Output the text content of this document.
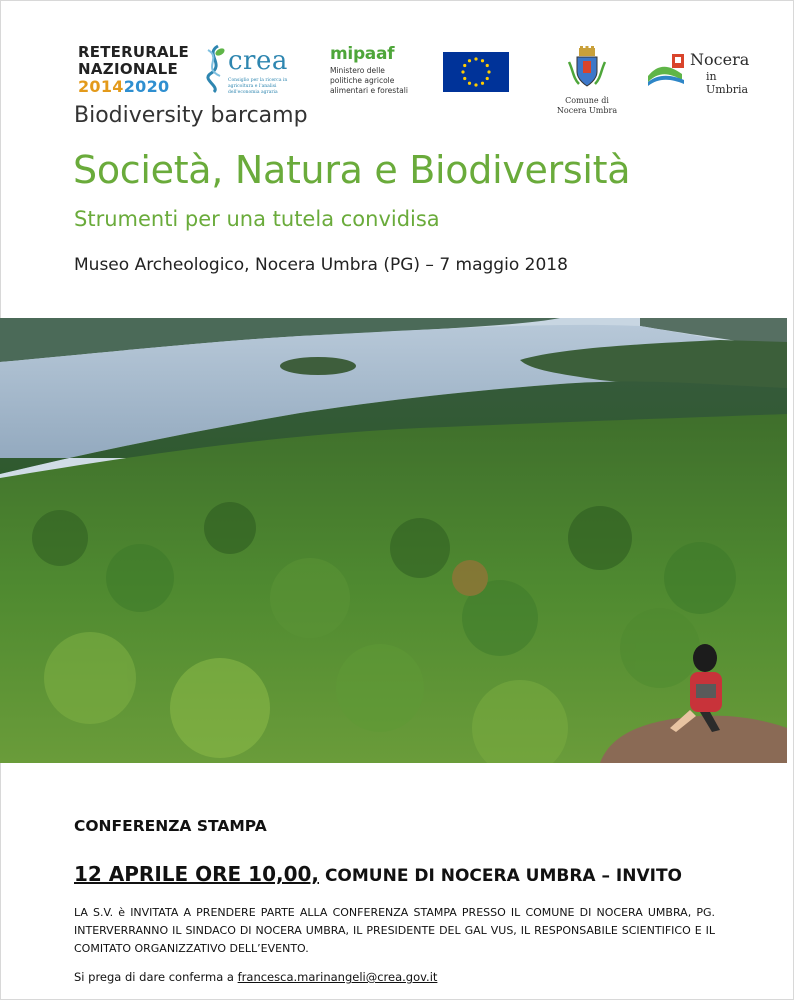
RETERURALE
NAZIONALE
20142020
crea
Consiglio per la ricerca in agricoltura e l'analisi dell'economia agraria
mipaaf
Ministero delle politiche agricole alimentari e forestali
Comune di
Nocera Umbra
Nocera
in Umbria
Biodiversity barcamp
Società, Natura e Biodiversità
Strumenti per una tutela convidisa
Museo Archeologico, Nocera Umbra (PG) – 7 maggio 2018
CONFERENZA STAMPA
12 APRILE ORE 10,00, COMUNE DI NOCERA UMBRA – INVITO
LA S.V. è INVITATA A PRENDERE PARTE ALLA CONFERENZA STAMPA PRESSO IL COMUNE DI NOCERA UMBRA, PG. INTERVERRANNO IL SINDACO DI NOCERA UMBRA, IL PRESIDENTE DEL GAL VUS, IL RESPONSABILE SCIENTIFICO E IL COMITATO ORGANIZZATIVO DELL’EVENTO.
Si prega di dare conferma a francesca.marinangeli@crea.gov.it
